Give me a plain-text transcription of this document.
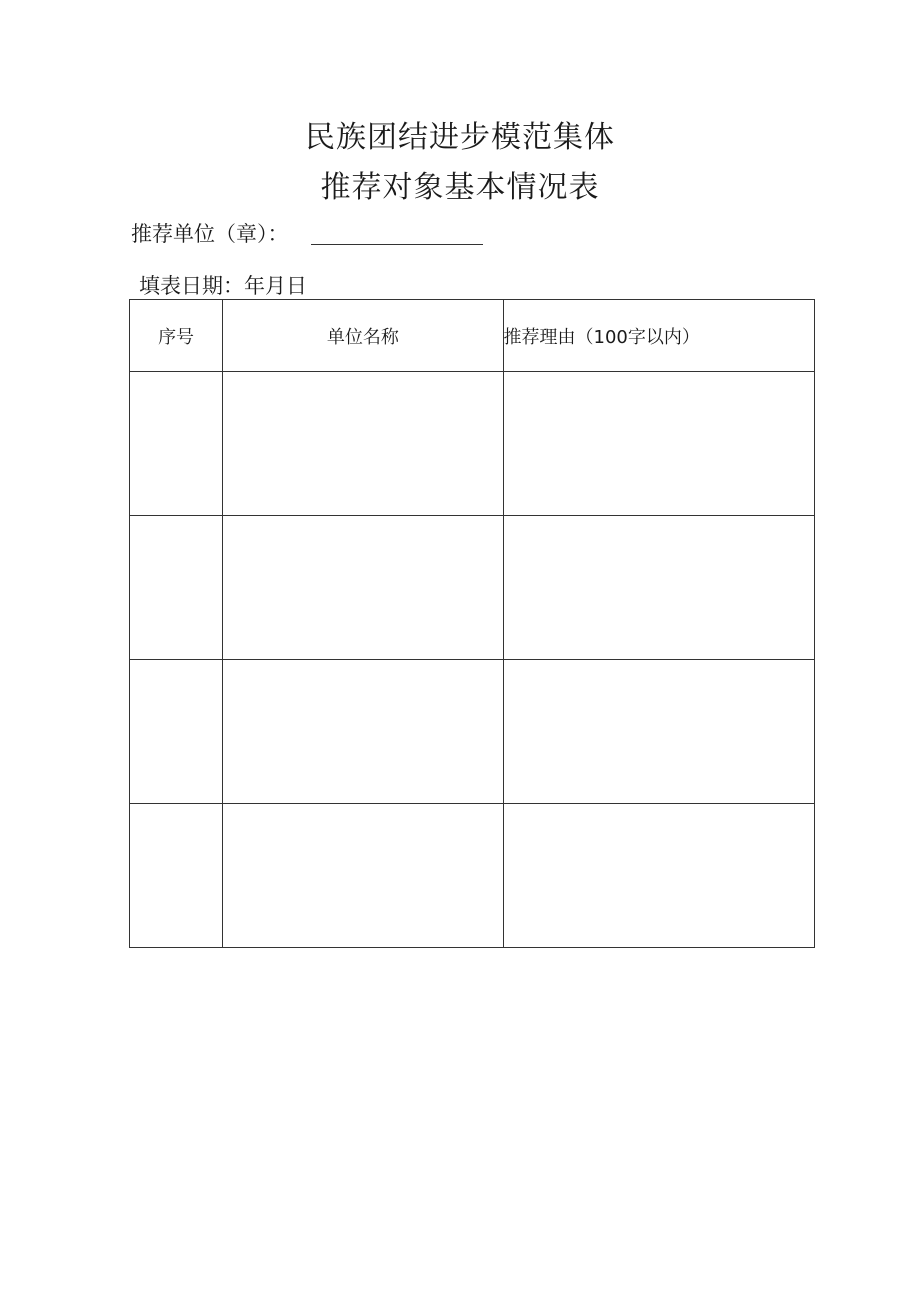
民族团结进步模范集体
推荐对象基本情况表
推荐单位（章）：
填表日期：年月日
序号	单位名称	推荐理由（100字以内）
